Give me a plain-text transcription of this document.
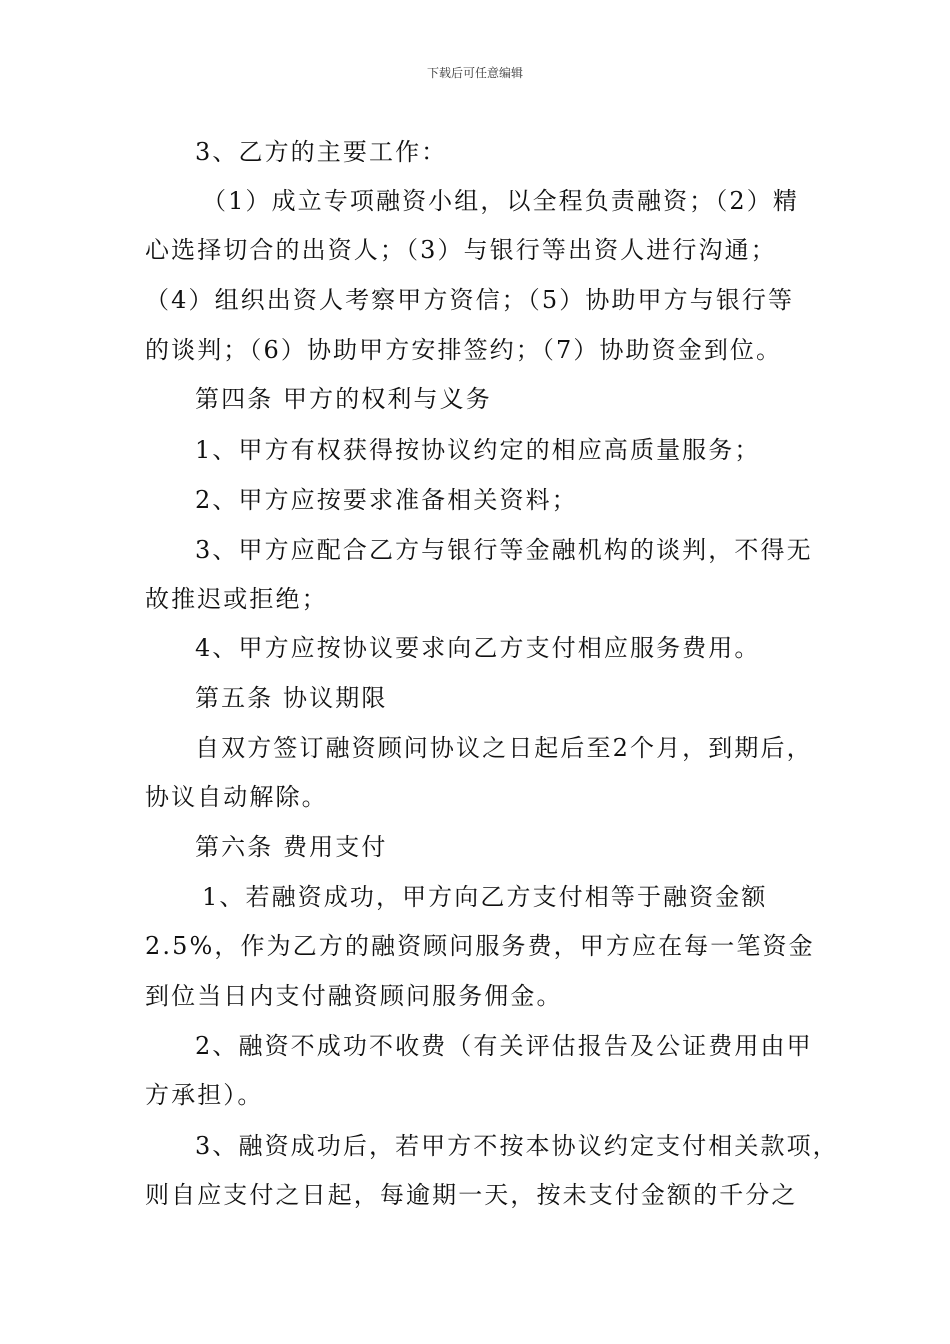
下载后可任意编辑
3、乙方的主要工作：
（1）成立专项融资小组，以全程负责融资；（2）精
心选择切合的出资人；（3）与银行等出资人进行沟通；
（4）组织出资人考察甲方资信；（5）协助甲方与银行等
的谈判；（6）协助甲方安排签约；（7）协助资金到位。
第四条 甲方的权利与义务
1、甲方有权获得按协议约定的相应高质量服务；
2、甲方应按要求准备相关资料；
3、甲方应配合乙方与银行等金融机构的谈判，不得无
故推迟或拒绝；
4、甲方应按协议要求向乙方支付相应服务费用。
第五条 协议期限
自双方签订融资顾问协议之日起后至2个月，到期后，
协议自动解除。
第六条 费用支付
1、若融资成功，甲方向乙方支付相等于融资金额
2.5%，作为乙方的融资顾问服务费，甲方应在每一笔资金
到位当日内支付融资顾问服务佣金。
2、融资不成功不收费（有关评估报告及公证费用由甲
方承担）。
3、融资成功后，若甲方不按本协议约定支付相关款项，
则自应支付之日起，每逾期一天，按未支付金额的千分之
